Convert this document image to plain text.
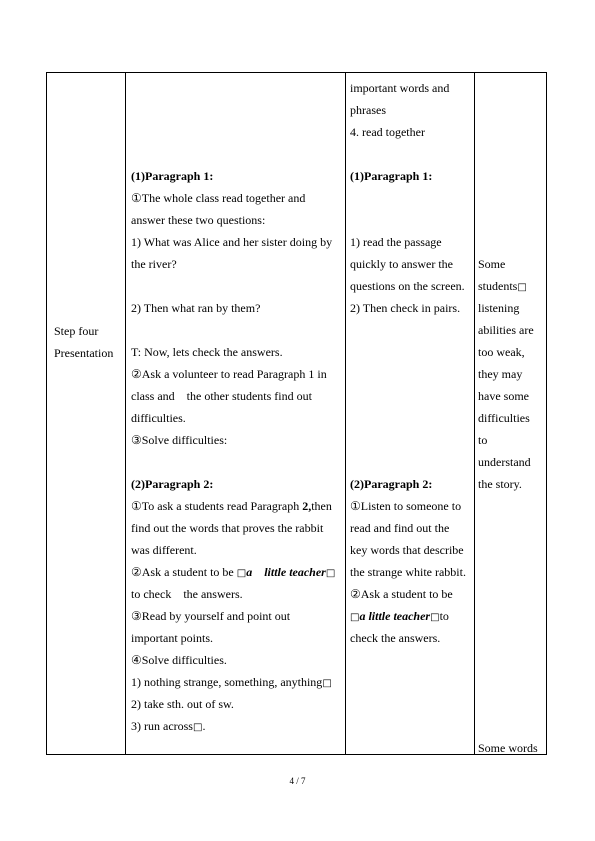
Step four
Presentation
(1)Paragraph 1:
①The whole class read together and
answer these two questions:
1) What was Alice and her sister doing by
the river?
2) Then what ran by them?
T: Now, lets check the answers.
②Ask a volunteer to read Paragraph 1 in
class and    the other students find out
difficulties.
③Solve difficulties:
(2)Paragraph 2:
①To ask a students read Paragraph 2,then
find out the words that proves the rabbit
was different.
②Ask a student to be □a    little teacher□
to check    the answers.
③Read by yourself and point out
important points.
④Solve difficulties.
1) nothing strange, something, anything□
2) take sth. out of sw.
3) run across□.
important words and
phrases
4. read together
(1)Paragraph 1:
1) read the passage
quickly to answer the
questions on the screen.
2) Then check in pairs.
(2)Paragraph 2:
①Listen to someone to
read and find out the
key words that describe
the strange white rabbit.
②Ask a student to be
□a little teacher□to
check the answers.
Some
students□
listening
abilities are
too weak,
they may
have some
difficulties
to
understand
the story.
Some words
4 / 7
